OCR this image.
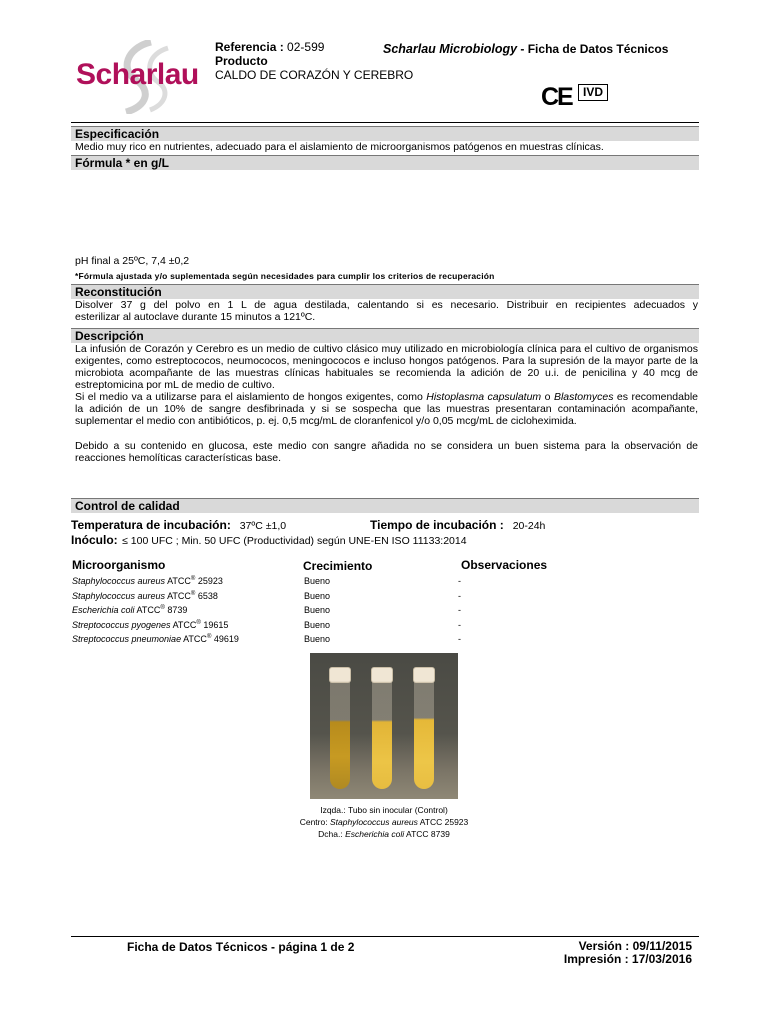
Scharlau
Referencia : 02-599
Producto
CALDO DE CORAZÓN Y CEREBRO
Scharlau Microbiology - Ficha de Datos Técnicos
CE IVD
Especificación
Medio muy rico en nutrientes, adecuado para el aislamiento de microorganismos patógenos en muestras clínicas.
Fórmula * en g/L
pH final a 25ºC, 7,4 ±0,2
*Fórmula ajustada y/o suplementada según necesidades para cumplir los criterios de recuperación
Reconstitución
Disolver 37 g del polvo en 1 L de agua destilada, calentando si es necesario. Distribuir en recipientes adecuados y
esterilizar al autoclave durante 15 minutos a 121ºC.
Descripción
La infusión de Corazón y Cerebro es un medio de cultivo clásico muy utilizado en microbiología clínica para el cultivo de organismos exigentes, como estreptococos, neumococos, meningococos e incluso hongos patógenos. Para la supresión de la mayor parte de la microbiota acompañante de las muestras clínicas habituales se recomienda la adición de 20 u.i. de penicilina y 40 mcg de estreptomicina por mL de medio de cultivo.
Si el medio va a utilizarse para el aislamiento de hongos exigentes, como Histoplasma capsulatum o Blastomyces es recomendable la adición de un 10% de sangre desfibrinada y si se sospecha que las muestras presentaran contaminación acompañante, suplementar el medio con antibióticos, p. ej. 0,5 mcg/mL de cloranfenicol y/o 0,05 mcg/mL de cicloheximida.
Debido a su contenido en glucosa, este medio con sangre añadida no se considera un buen sistema para la observación de reacciones hemolíticas características base.
Control de calidad
Temperatura de incubación: 37ºC ±1,0	Tiempo de incubación : 20-24h
Inóculo: ≤ 100 UFC ; Min. 50 UFC (Productividad) según UNE-EN ISO 11133:2014
Microorganismo	Crecimiento	Observaciones
Staphylococcus aureus ATCC® 25923	Bueno	-
Staphylococcus aureus ATCC® 6538	Bueno	-
Escherichia coli ATCC® 8739	Bueno	-
Streptococcus pyogenes ATCC® 19615	Bueno	-
Streptococcus pneumoniae ATCC® 49619	Bueno	-
Izqda.: Tubo sin inocular (Control)
Centro: Staphylococcus aureus ATCC 25923
Dcha.: Escherichia coli ATCC 8739
Ficha de Datos Técnicos - página 1 de 2	Versión : 09/11/2015
Impresión : 17/03/2016
